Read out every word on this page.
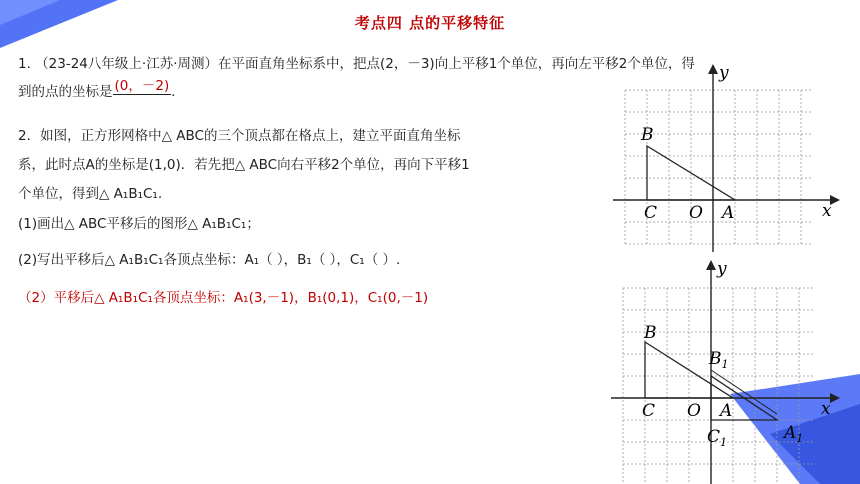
考点四 点的平移特征
1. （23-24八年级上·江苏·周测）在平面直角坐标系中，把点(2，－3)向上平移1个单位，再向左平移2个单位，得
到的点的坐标是 (0，－2) .
2．如图，正方形网格中△ ABC的三个顶点都在格点上，建立平面直角坐标
系，此时点A的坐标是(1,0)．若先把△ ABC向右平移2个单位，再向下平移1
个单位，得到△ A₁B₁C₁.
(1)画出△ ABC平移后的图形△ A₁B₁C₁；
(2)写出平移后△ A₁B₁C₁各顶点坐标：A₁（ ），B₁（ ），C₁（ ）.
（2）平移后△ A₁B₁C₁各顶点坐标：A₁(3,－1)，B₁(0,1)，C₁(0,－1)
B
C O A	x
y
B
$B_1$
C O A
$A_1$
$C_1$
x
y
